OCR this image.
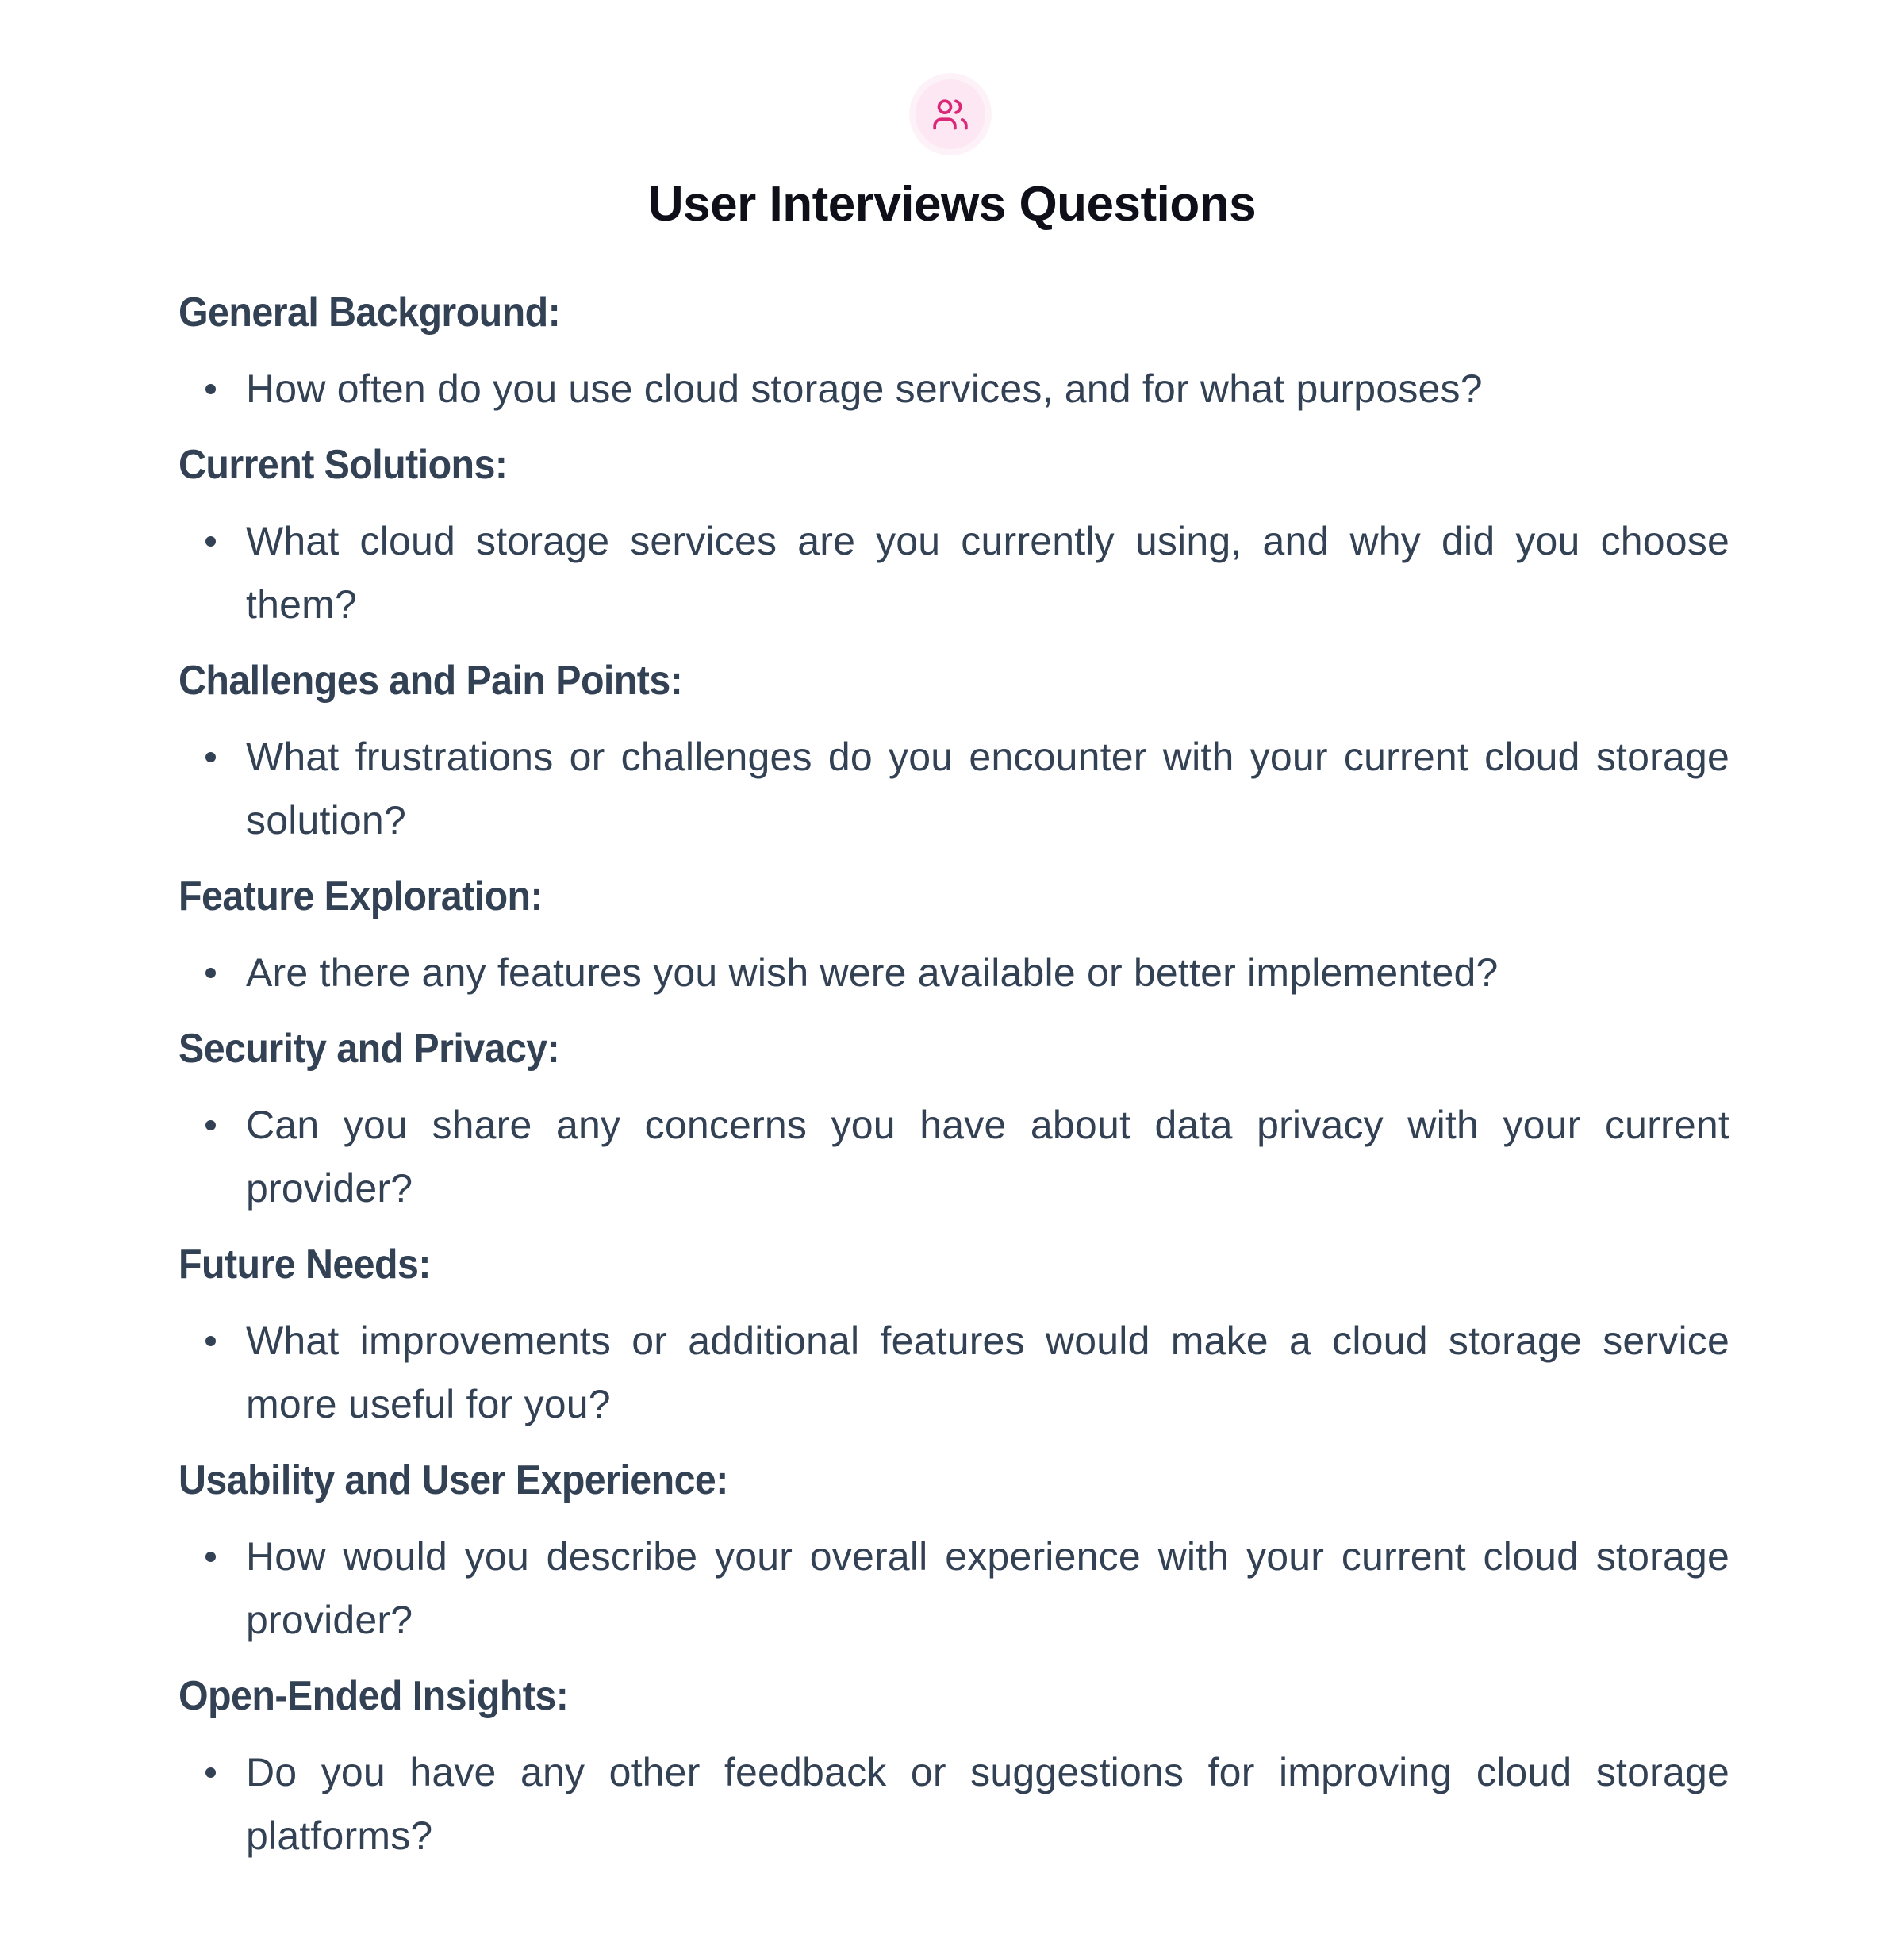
User Interviews Questions
General Background:
How often do you use cloud storage services, and for what purposes?
Current Solutions:
What cloud storage services are you currently using, and why did you choose them?
Challenges and Pain Points:
What frustrations or challenges do you encounter with your current cloud storage solution?
Feature Exploration:
Are there any features you wish were available or better implemented?
Security and Privacy:
Can you share any concerns you have about data privacy with your current provider?
Future Needs:
What improvements or additional features would make a cloud storage service more useful for you?
Usability and User Experience:
How would you describe your overall experience with your current cloud storage provider?
Open-Ended Insights:
Do you have any other feedback or suggestions for improving cloud storage platforms?
